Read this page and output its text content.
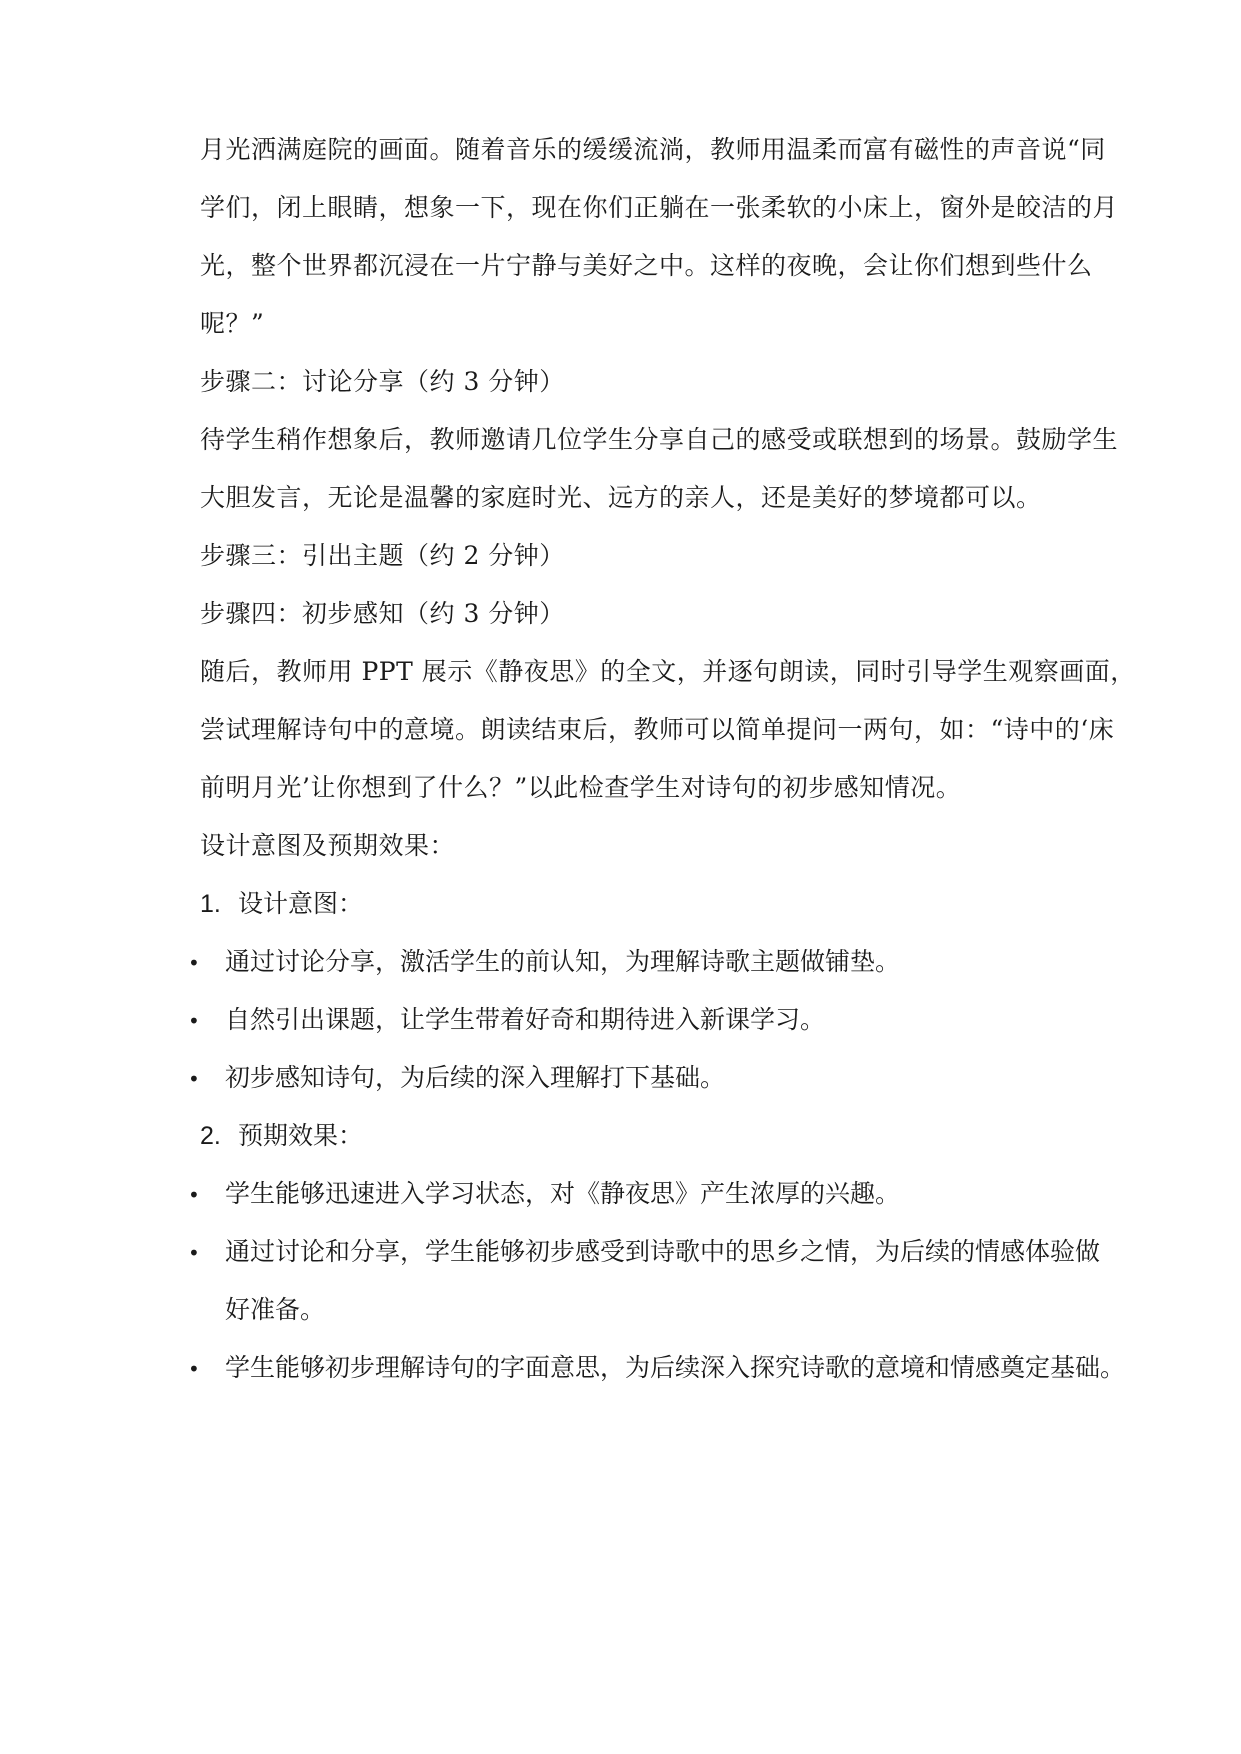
月光洒满庭院的画面。随着音乐的缓缓流淌，教师用温柔而富有磁性的声音说“同
学们，闭上眼睛，想象一下，现在你们正躺在一张柔软的小床上，窗外是皎洁的月
光，整个世界都沉浸在一片宁静与美好之中。这样的夜晚，会让你们想到些什么
呢？”
步骤二：讨论分享（约 3 分钟）
待学生稍作想象后，教师邀请几位学生分享自己的感受或联想到的场景。鼓励学生
大胆发言，无论是温馨的家庭时光、远方的亲人，还是美好的梦境都可以。
步骤三：引出主题（约 2 分钟）
步骤四：初步感知（约 3 分钟）
随后，教师用 PPT 展示《静夜思》的全文，并逐句朗读，同时引导学生观察画面，
尝试理解诗句中的意境。朗读结束后，教师可以简单提问一两句，如：“诗中的‘床
前明月光’让你想到了什么？”以此检查学生对诗句的初步感知情况。
设计意图及预期效果：
1. 设计意图：
• 通过讨论分享，激活学生的前认知，为理解诗歌主题做铺垫。
• 自然引出课题，让学生带着好奇和期待进入新课学习。
• 初步感知诗句，为后续的深入理解打下基础。
2. 预期效果：
• 学生能够迅速进入学习状态，对《静夜思》产生浓厚的兴趣。
• 通过讨论和分享，学生能够初步感受到诗歌中的思乡之情，为后续的情感体验做
好准备。
• 学生能够初步理解诗句的字面意思，为后续深入探究诗歌的意境和情感奠定基础。
